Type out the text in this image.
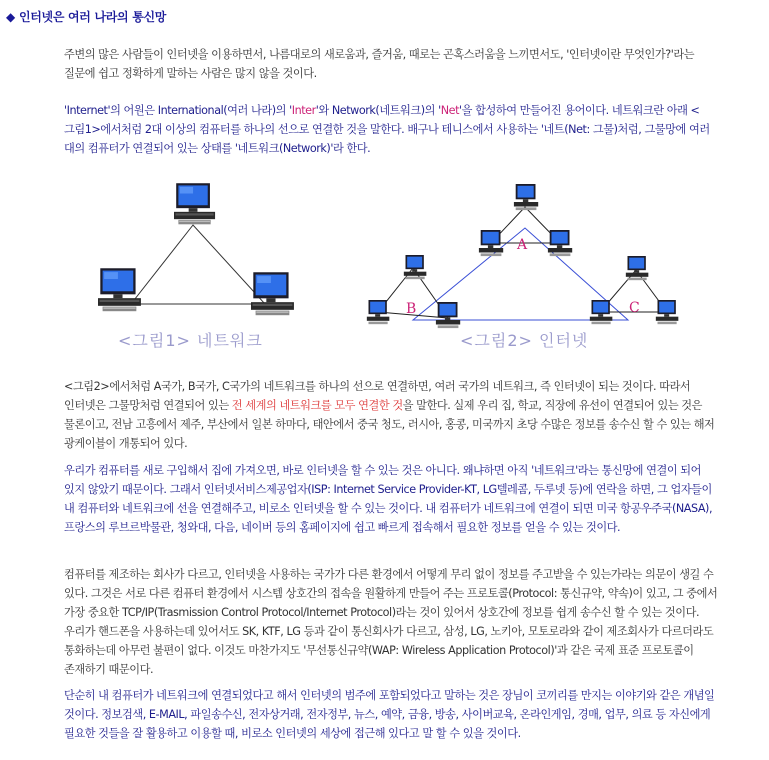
◆ 인터넷은 여러 나라의 통신망
주변의 많은 사람들이 인터넷을 이용하면서, 나름대로의 새로움과, 즐거움, 때로는 곤혹스러움을 느끼면서도, '인터넷이란 무엇인가?'라는 질문에 쉽고 정확하게 말하는 사람은 많지 않을 것이다.
'Internet'의 어원은 International(여러 나라)의 'Inter'와 Network(네트워크)의 'Net'을 합성하여 만들어진 용어이다. 네트워크란 아래 <그림1>에서처럼 2대 이상의 컴퓨터를 하나의 선으로 연결한 것을 말한다. 배구나 테니스에서 사용하는 '네트(Net: 그물)처럼, 그물망에 여러 대의 컴퓨터가 연결되어 있는 상태를 '네트워크(Network)'라 한다.
<그림1> 네트워크
A
B	C
<그림2> 인터넷
<그림2>에서처럼 A국가, B국가, C국가의 네트워크를 하나의 선으로 연결하면, 여러 국가의 네트워크, 즉 인터넷이 되는 것이다. 따라서 인터넷은 그물망처럼 연결되어 있는 전 세계의 네트워크를 모두 연결한 것을 말한다. 실제 우리 집, 학교, 직장에 유선이 연결되어 있는 것은 물론이고, 전남 고흥에서 제주, 부산에서 일본 하마다, 태안에서 중국 청도, 러시아, 홍콩, 미국까지 초당 수많은 정보를 송수신 할 수 있는 해저 광케이블이 개통되어 있다.
우리가 컴퓨터를 새로 구입해서 집에 가져오면, 바로 인터넷을 할 수 있는 것은 아니다. 왜냐하면 아직 '네트워크'라는 통신망에 연결이 되어 있지 않았기 때문이다. 그래서 인터넷서비스제공업자(ISP: Internet Service Provider-KT, LG텔레콤, 두루넷 등)에 연락을 하면, 그 업자들이 내 컴퓨터와 네트워크에 선을 연결해주고, 비로소 인터넷을 할 수 있는 것이다. 내 컴퓨터가 네트워크에 연결이 되면 미국 항공우주국(NASA), 프랑스의 루브르박물관, 청와대, 다음, 네이버 등의 홈페이지에 쉽고 빠르게 접속해서 필요한 정보를 얻을 수 있는 것이다.
컴퓨터를 제조하는 회사가 다르고, 인터넷을 사용하는 국가가 다른 환경에서 어떻게 무리 없이 정보를 주고받을 수 있는가라는 의문이 생길 수 있다. 그것은 서로 다른 컴퓨터 환경에서 시스템 상호간의 접속을 원활하게 만들어 주는 프로토콜(Protocol: 통신규약, 약속)이 있고, 그 중에서 가장 중요한 TCP/IP(Trasmission Control Protocol/Internet Protocol)라는 것이 있어서 상호간에 정보를 쉽게 송수신 할 수 있는 것이다. 우리가 핸드폰을 사용하는데 있어서도 SK, KTF, LG 등과 같이 통신회사가 다르고, 삼성, LG, 노키아, 모토로라와 같이 제조회사가 다르더라도 통화하는데 아무런 불편이 없다. 이것도 마찬가지도 '무선통신규약(WAP: Wireless Application Protocol)'과 같은 국제 표준 프로토콜이 존재하기 때문이다.
단순히 내 컴퓨터가 네트워크에 연결되었다고 해서 인터넷의 범주에 포함되었다고 말하는 것은 장님이 코끼리를 만지는 이야기와 같은 개념일 것이다. 정보검색, E-MAIL, 파일송수신, 전자상거래, 전자정부, 뉴스, 예약, 금융, 방송, 사이버교육, 온라인게임, 경매, 업무, 의료 등 자신에게 필요한 것들을 잘 활용하고 이용할 때, 비로소 인터넷의 세상에 접근해 있다고 말 할 수 있을 것이다.
